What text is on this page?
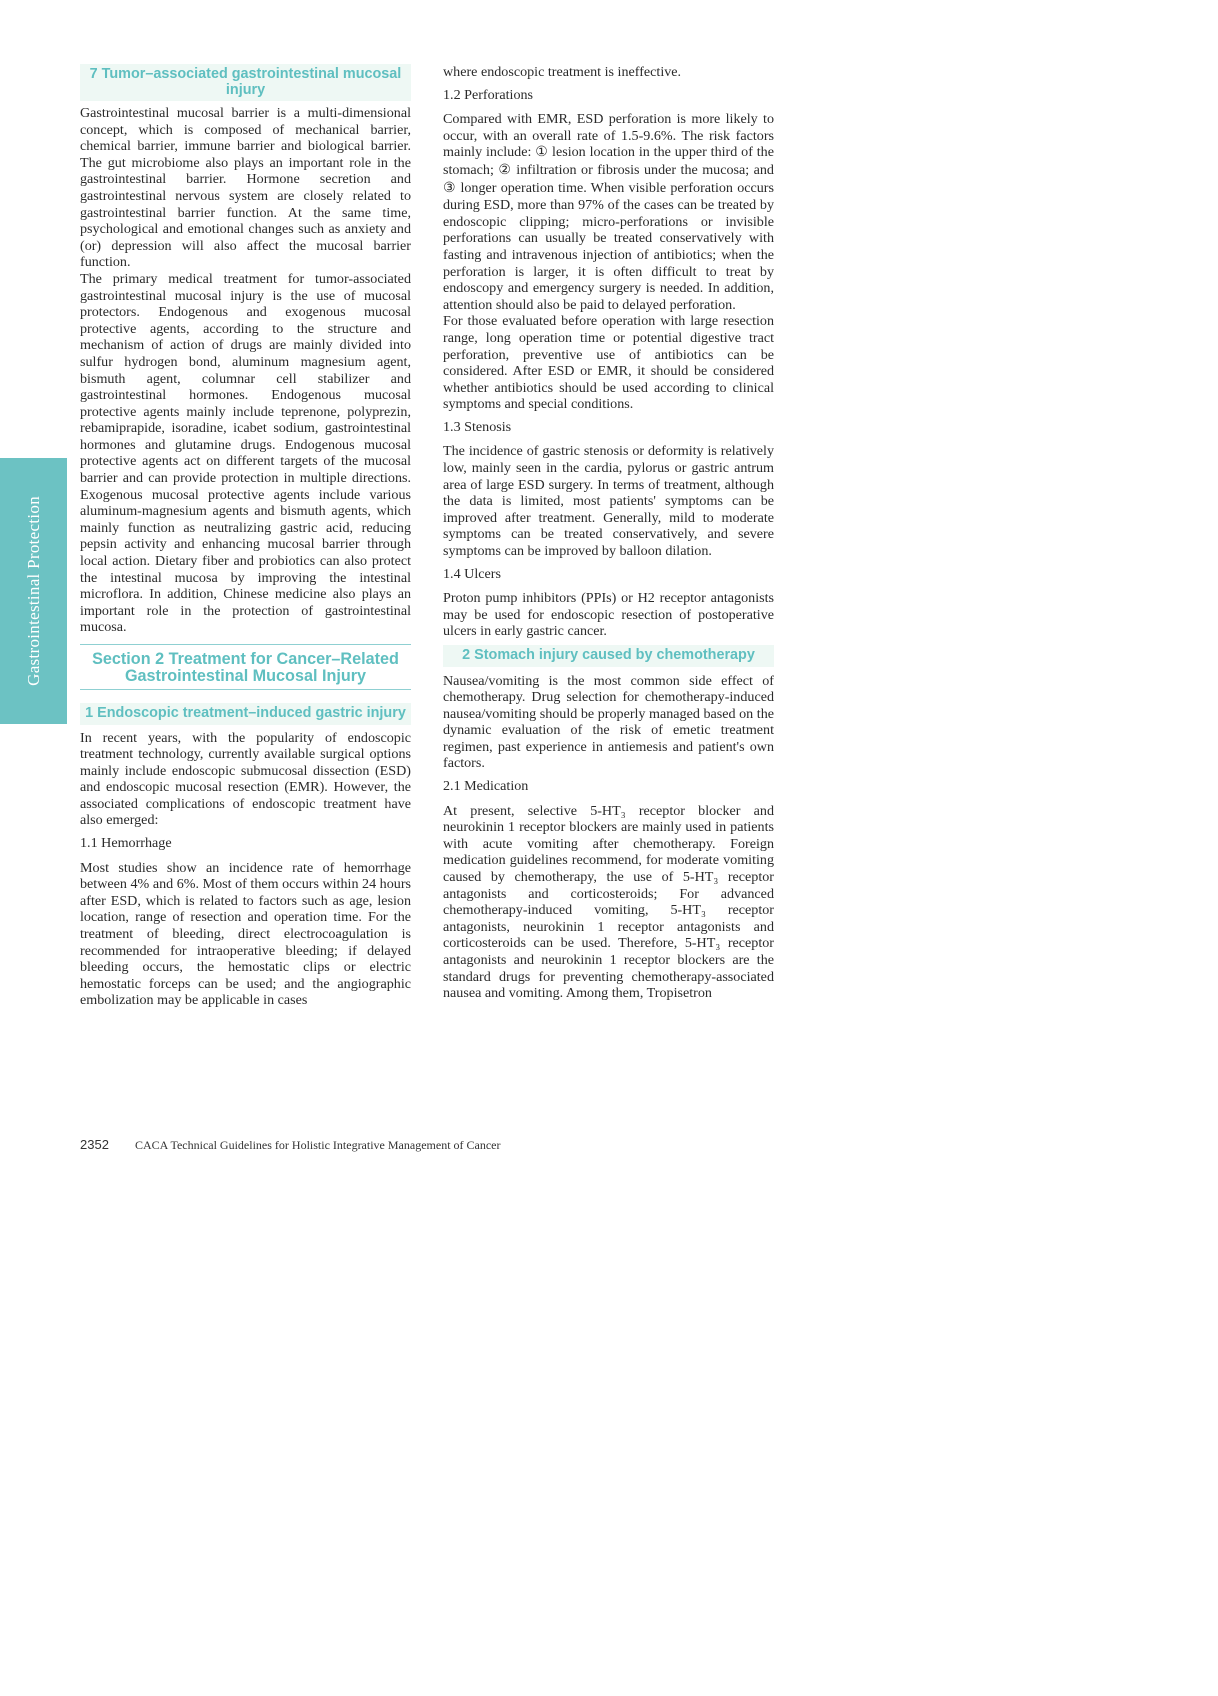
Gastrointestinal Protection
7 Tumor–associated gastrointestinal mucosal injury

Gastrointestinal mucosal barrier is a multi-dimensional concept, which is composed of mechanical barrier, chemical barrier, immune barrier and biological barrier. The gut microbiome also plays an important role in the gastrointestinal barrier. Hormone secretion and gastrointestinal nervous system are closely related to gastrointestinal barrier function. At the same time, psychological and emotional changes such as anxiety and (or) depression will also affect the mucosal barrier function.

The primary medical treatment for tumor-associated gastrointestinal mucosal injury is the use of mucosal protectors. Endogenous and exogenous mucosal protective agents, according to the structure and mechanism of action of drugs are mainly divided into sulfur hydrogen bond, aluminum magnesium agent, bismuth agent, columnar cell stabilizer and gastrointestinal hormones. Endogenous mucosal protective agents mainly include teprenone, polyprezin, rebamiprapide, isoradine, icabet sodium, gastrointestinal hormones and glutamine drugs. Endogenous mucosal protective agents act on different targets of the mucosal barrier and can provide protection in multiple directions. Exogenous mucosal protective agents include various aluminum-magnesium agents and bismuth agents, which mainly function as neutralizing gastric acid, reducing pepsin activity and enhancing mucosal barrier through local action. Dietary fiber and probiotics can also protect the intestinal mucosa by improving the intestinal microflora. In addition, Chinese medicine also plays an important role in the protection of gastrointestinal mucosa.

Section 2 Treatment for Cancer–Related Gastrointestinal Mucosal Injury
1 Endoscopic treatment–induced gastric injury

In recent years, with the popularity of endoscopic treatment technology, currently available surgical options mainly include endoscopic submucosal dissection (ESD) and endoscopic mucosal resection (EMR). However, the associated complications of endoscopic treatment have also emerged:

1.1 Hemorrhage

Most studies show an incidence rate of hemorrhage between 4% and 6%. Most of them occurs within 24 hours after ESD, which is related to factors such as age, lesion location, range of resection and operation time. For the treatment of bleeding, direct electrocoagulation is recommended for intraoperative bleeding; if delayed bleeding occurs, the hemostatic clips or electric hemostatic forceps can be used; and the angiographic embolization may be applicable in cases

where endoscopic treatment is ineffective.

1.2 Perforations

Compared with EMR, ESD perforation is more likely to occur, with an overall rate of 1.5-9.6%. The risk factors mainly include: ① lesion location in the upper third of the stomach; ② infiltration or fibrosis under the mucosa; and ③ longer operation time. When visible perforation occurs during ESD, more than 97% of the cases can be treated by endoscopic clipping; micro-perforations or invisible perforations can usually be treated conservatively with fasting and intravenous injection of antibiotics; when the perforation is larger, it is often difficult to treat by endoscopy and emergency surgery is needed. In addition, attention should also be paid to delayed perforation.

For those evaluated before operation with large resection range, long operation time or potential digestive tract perforation, preventive use of antibiotics can be considered. After ESD or EMR, it should be considered whether antibiotics should be used according to clinical symptoms and special conditions.

1.3 Stenosis

The incidence of gastric stenosis or deformity is relatively low, mainly seen in the cardia, pylorus or gastric antrum area of large ESD surgery. In terms of treatment, although the data is limited, most patients' symptoms can be improved after treatment. Generally, mild to moderate symptoms can be treated conservatively, and severe symptoms can be improved by balloon dilation.

1.4 Ulcers

Proton pump inhibitors (PPIs) or H2 receptor antagonists may be used for endoscopic resection of postoperative ulcers in early gastric cancer.

2 Stomach injury caused by chemotherapy

Nausea/vomiting is the most common side effect of chemotherapy. Drug selection for chemotherapy-induced nausea/vomiting should be properly managed based on the dynamic evaluation of the risk of emetic treatment regimen, past experience in antiemesis and patient's own factors.

2.1 Medication

At present, selective 5-HT₃ receptor blocker and neurokinin 1 receptor blockers are mainly used in patients with acute vomiting after chemotherapy. Foreign medication guidelines recommend, for moderate vomiting caused by chemotherapy, the use of 5-HT₃ receptor antagonists and corticosteroids; For advanced chemotherapy-induced vomiting, 5-HT₃ receptor antagonists, neurokinin 1 receptor antagonists and corticosteroids can be used. Therefore, 5-HT₃ receptor antagonists and neurokinin 1 receptor blockers are the standard drugs for preventing chemotherapy-associated nausea and vomiting. Among them, Tropisetron

2352	CACA Technical Guidelines for Holistic Integrative Management of Cancer
